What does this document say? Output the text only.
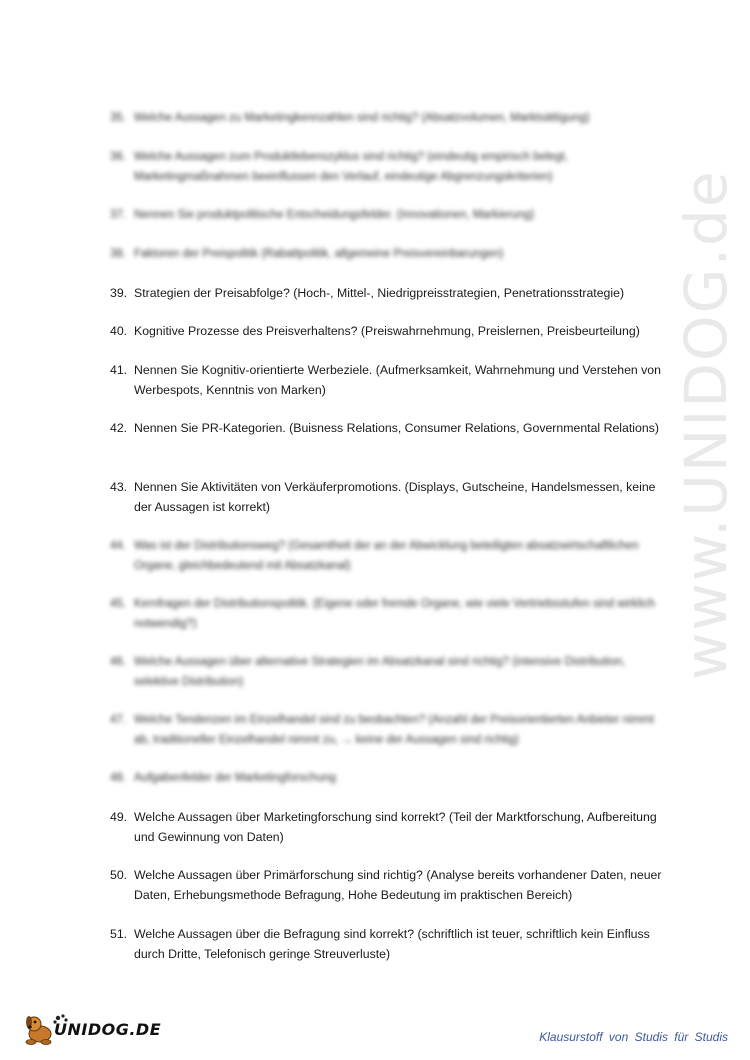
www.UNIDOG.de
35. Welche Aussagen zu Marketingkennzahlen sind richtig? (Absatzvolumen, Marktsättigung)
36. Welche Aussagen zum Produktlebenszyklus sind richtig? (eindeutig empirisch belegt, Marketingmaßnahmen beeinflussen den Verlauf, eindeutige Abgrenzungskriterien)
37. Nennen Sie produktpolitische Entscheidungsfelder. (Innovationen, Markierung)
38. Faktoren der Preispolitik (Rabattpolitik, allgemeine Preisvereinbarungen)
39. Strategien der Preisabfolge? (Hoch-, Mittel-, Niedrigpreisstrategien, Penetrationsstrategie)
40. Kognitive Prozesse des Preisverhaltens? (Preiswahrnehmung, Preislernen, Preisbeurteilung)
41. Nennen Sie Kognitiv-orientierte Werbeziele. (Aufmerksamkeit, Wahrnehmung und Verstehen von Werbespots, Kenntnis von Marken)
42. Nennen Sie PR-Kategorien. (Buisness Relations, Consumer Relations, Governmental Relations)
43. Nennen Sie Aktivitäten von Verkäuferpromotions. (Displays, Gutscheine, Handelsmessen, keine der Aussagen ist korrekt)
44. Was ist der Distributionsweg? (Gesamtheit der an der Abwicklung beteiligten absatzwirtschaftlichen Organe, gleichbedeutend mit Absatzkanal)
45. Kernfragen der Distributionspolitik. (Eigene oder fremde Organe, wie viele Vertriebsstufen sind wirklich notwendig?)
46. Welche Aussagen über alternative Strategien im Absatzkanal sind richtig? (intensive Distribution, selektive Distribution)
47. Welche Tendenzen im Einzelhandel sind zu beobachten? (Anzahl der Preisorientierten Anbieter nimmt ab, traditioneller Einzelhandel nimmt zu, → keine der Aussagen sind richtig)
48. Aufgabenfelder der Marketingforschung
49. Welche Aussagen über Marketingforschung sind korrekt? (Teil der Marktforschung, Aufbereitung und Gewinnung von Daten)
50. Welche Aussagen über Primärforschung sind richtig? (Analyse bereits vorhandener Daten, neuer Daten, Erhebungsmethode Befragung, Hohe Bedeutung im praktischen Bereich)
51. Welche Aussagen über die Befragung sind korrekt? (schriftlich ist teuer, schriftlich kein Einfluss durch Dritte, Telefonisch geringe Streuverluste)
UNIDOG.DE	Klausurstoff von Studis für Studis
